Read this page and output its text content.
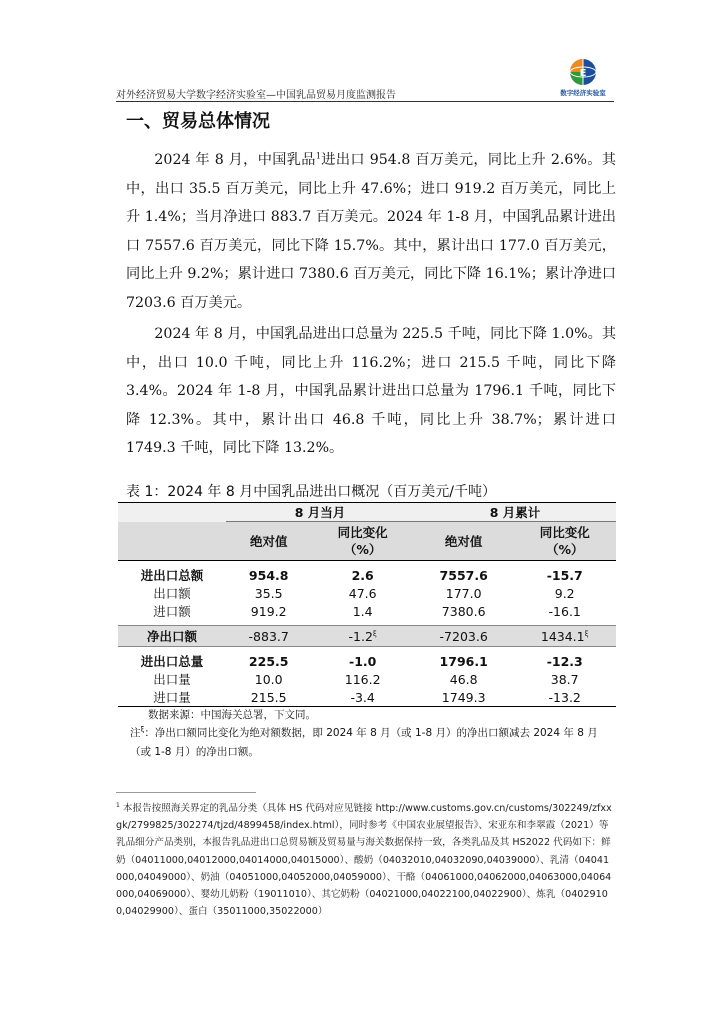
对外经济贸易大学数字经济实验室—中国乳品贸易月度监测报告
E
数字经济实验室
一、贸易总体情况

2024 年 8 月，中国乳品$^1$进出口 954.8 百万美元，同比上升 2.6%。其中，出口 35.5 百万美元，同比上升 47.6%；进口 919.2 百万美元，同比上升 1.4%；当月净进口 883.7 百万美元。2024 年 1-8 月，中国乳品累计进出口 7557.6 百万美元，同比下降 15.7%。其中，累计出口 177.0 百万美元，同比上升 9.2%；累计进口 7380.6 百万美元，同比下降 16.1%；累计净进口 7203.6 百万美元。

2024 年 8 月，中国乳品进出口总量为 225.5 千吨，同比下降 1.0%。其中，出口 10.0 千吨，同比上升 116.2%；进口 215.5 千吨，同比下降 3.4%。2024 年 1-8 月，中国乳品累计进出口总量为 1796.1 千吨，同比下降 12.3%。其中，累计出口 46.8 千吨，同比上升 38.7%；累计进口 1749.3 千吨，同比下降 13.2%。

表 1：2024 年 8 月中国乳品进出口概况（百万美元/千吨）
	8 月当月		8 月累计	
	绝对值	同比变化
（%）	绝对值	同比变化
（%）

进出口总额	954.8	2.6	7557.6	-15.7
出口额	35.5	47.6	177.0	9.2
进口额	919.2	1.4	7380.6	-16.1

净出口额	-883.7	-1.2$^\xi$	-7203.6	1434.1$^\xi$

进出口总量	225.5	-1.0	1796.1	-12.3
出口量	10.0	116.2	46.8	38.7
进口量	215.5	-3.4	1749.3	-13.2
数据来源：中国海关总署，下文同。

注$^\xi$：净出口额同比变化为绝对额数据，即 2024 年 8 月（或 1-8 月）的净出口额减去 2024 年 8 月（或 1-8 月）的净出口额。

$^1$ 本报告按照海关界定的乳品分类（具体 HS 代码对应见链接 http://www.customs.gov.cn/customs/302249/zfxxgk/2799825/302274/tjzd/4899458/index.html），同时参考《中国农业展望报告》、宋亚东和李翠霞（2021）等乳品细分产品类别，本报告乳品进出口总贸易额及贸易量与海关数据保持一致，各类乳品及其 HS2022 代码如下：鲜奶（04011000,04012000,04014000,04015000）、酸奶（04032010,04032090,04039000）、乳清（04041000,04049000）、奶油（04051000,04052000,04059000）、干酪（04061000,04062000,04063000,04064000,04069000）、婴幼儿奶粉（19011010）、其它奶粉（04021000,04022100,04022900）、炼乳（04029100,04029900）、蛋白（35011000,35022000）
